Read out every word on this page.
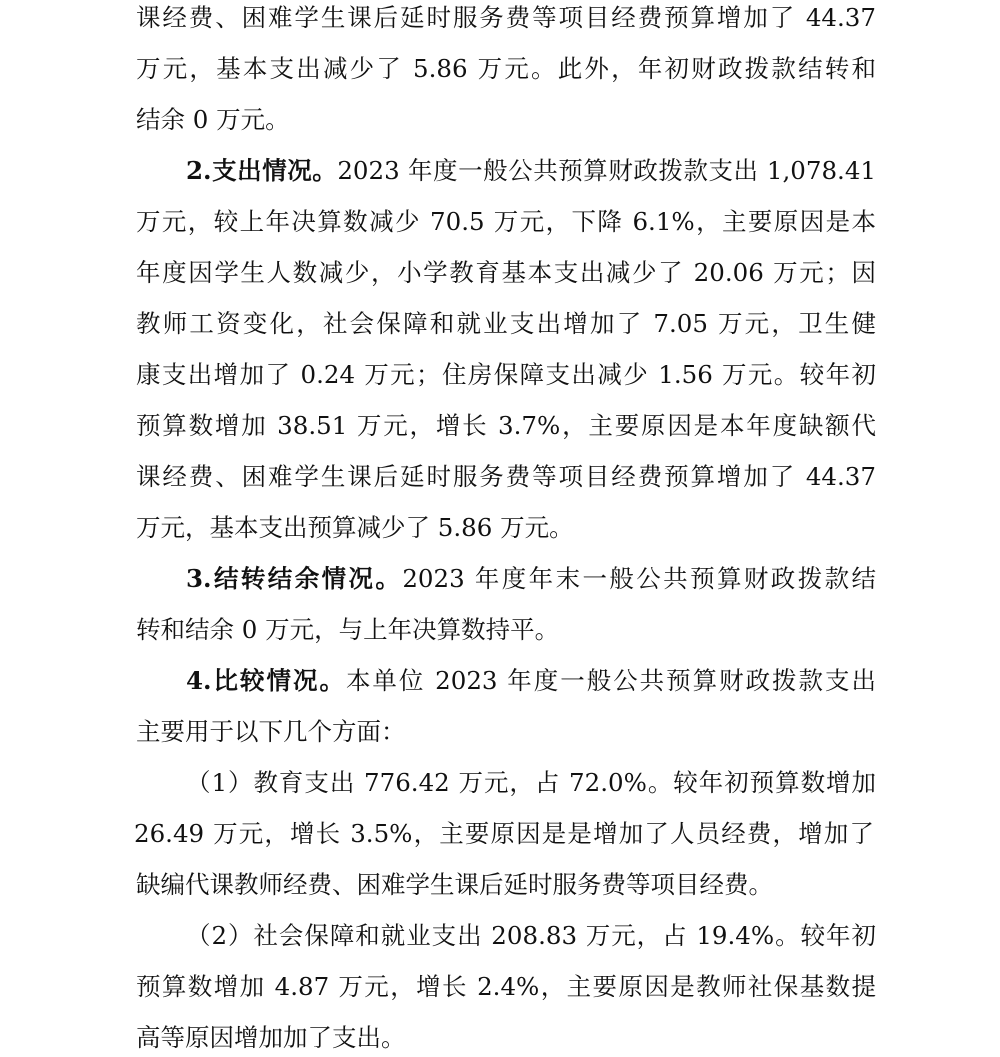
课经费、困难学生课后延时服务费等项目经费预算增加了 44.37
万元，基本支出减少了 5.86 万元。此外，年初财政拨款结转和
结余 0 万元。
2.支出情况。2023 年度一般公共预算财政拨款支出 1,078.41
万元，较上年决算数减少 70.5 万元，下降 6.1%，主要原因是本
年度因学生人数减少，小学教育基本支出减少了 20.06 万元；因
教师工资变化，社会保障和就业支出增加了 7.05 万元，卫生健
康支出增加了 0.24 万元；住房保障支出减少 1.56 万元。较年初
预算数增加 38.51 万元，增长 3.7%，主要原因是本年度缺额代
课经费、困难学生课后延时服务费等项目经费预算增加了 44.37
万元，基本支出预算减少了 5.86 万元。
3.结转结余情况。2023 年度年末一般公共预算财政拨款结
转和结余 0 万元，与上年决算数持平。
4.比较情况。本单位 2023 年度一般公共预算财政拨款支出
主要用于以下几个方面：
（1）教育支出 776.42 万元，占 72.0%。较年初预算数增加
26.49 万元，增长 3.5%，主要原因是是增加了人员经费，增加了
缺编代课教师经费、困难学生课后延时服务费等项目经费。
（2）社会保障和就业支出 208.83 万元，占 19.4%。较年初
预算数增加 4.87 万元，增长 2.4%，主要原因是教师社保基数提
高等原因增加加了支出。
